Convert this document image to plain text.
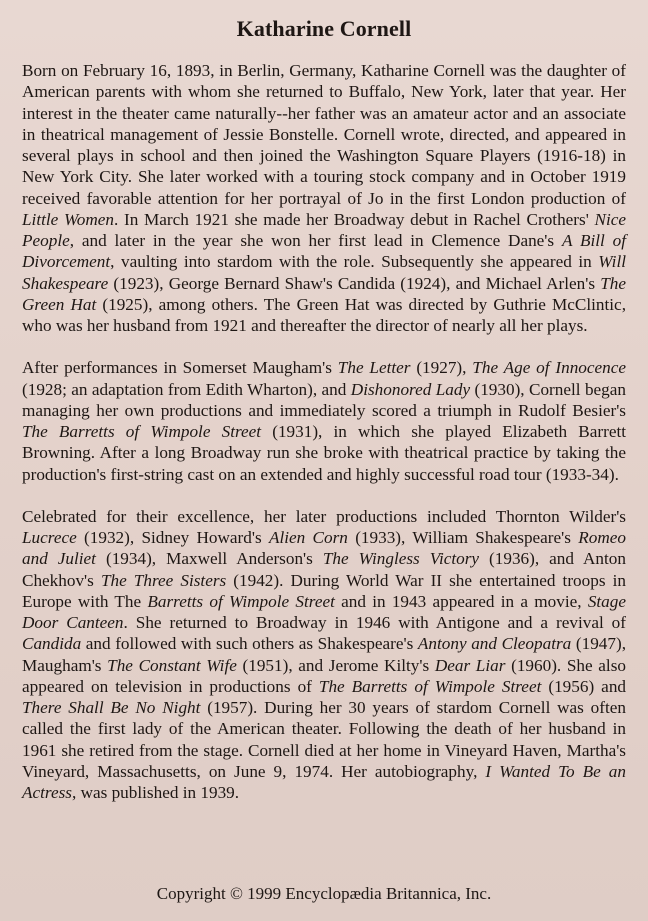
Katharine Cornell

Born on February 16, 1893, in Berlin, Germany, Katharine Cornell was the daughter of American parents with whom she returned to Buffalo, New York, later that year. Her interest in the theater came naturally--her father was an amateur actor and an associate in theatrical management of Jessie Bonstelle. Cornell wrote, directed, and appeared in several plays in school and then joined the Washington Square Players (1916-18) in New York City. She later worked with a touring stock company and in October 1919 received favorable attention for her portrayal of Jo in the first London production of Little Women. In March 1921 she made her Broadway debut in Rachel Crothers' Nice People, and later in the year she won her first lead in Clemence Dane's A Bill of Divorcement, vaulting into stardom with the role. Subsequently she appeared in Will Shakespeare (1923), George Bernard Shaw's Candida (1924), and Michael Arlen's The Green Hat (1925), among others. The Green Hat was directed by Guthrie McClintic, who was her husband from 1921 and thereafter the director of nearly all her plays.

After performances in Somerset Maugham's The Letter (1927), The Age of Innocence (1928; an adaptation from Edith Wharton), and Dishonored Lady (1930), Cornell began managing her own productions and immediately scored a triumph in Rudolf Besier's The Barretts of Wimpole Street (1931), in which she played Elizabeth Barrett Browning. After a long Broadway run she broke with theatrical practice by taking the production's first-string cast on an extended and highly successful road tour (1933-34).

Celebrated for their excellence, her later productions included Thornton Wilder's Lucrece (1932), Sidney Howard's Alien Corn (1933), William Shakespeare's Romeo and Juliet (1934), Maxwell Anderson's The Wingless Victory (1936), and Anton Chekhov's The Three Sisters (1942). During World War II she entertained troops in Europe with The Barretts of Wimpole Street and in 1943 appeared in a movie, Stage Door Canteen. She returned to Broadway in 1946 with Antigone and a revival of Candida and followed with such others as Shakespeare's Antony and Cleopatra (1947), Maugham's The Constant Wife (1951), and Jerome Kilty's Dear Liar (1960). She also appeared on television in productions of The Barretts of Wimpole Street (1956) and There Shall Be No Night (1957). During her 30 years of stardom Cornell was often called the first lady of the American theater. Following the death of her husband in 1961 she retired from the stage. Cornell died at her home in Vineyard Haven, Martha's Vineyard, Massachusetts, on June 9, 1974. Her autobiography, I Wanted To Be an Actress, was published in 1939.

Copyright © 1999 Encyclopædia Britannica, Inc.
